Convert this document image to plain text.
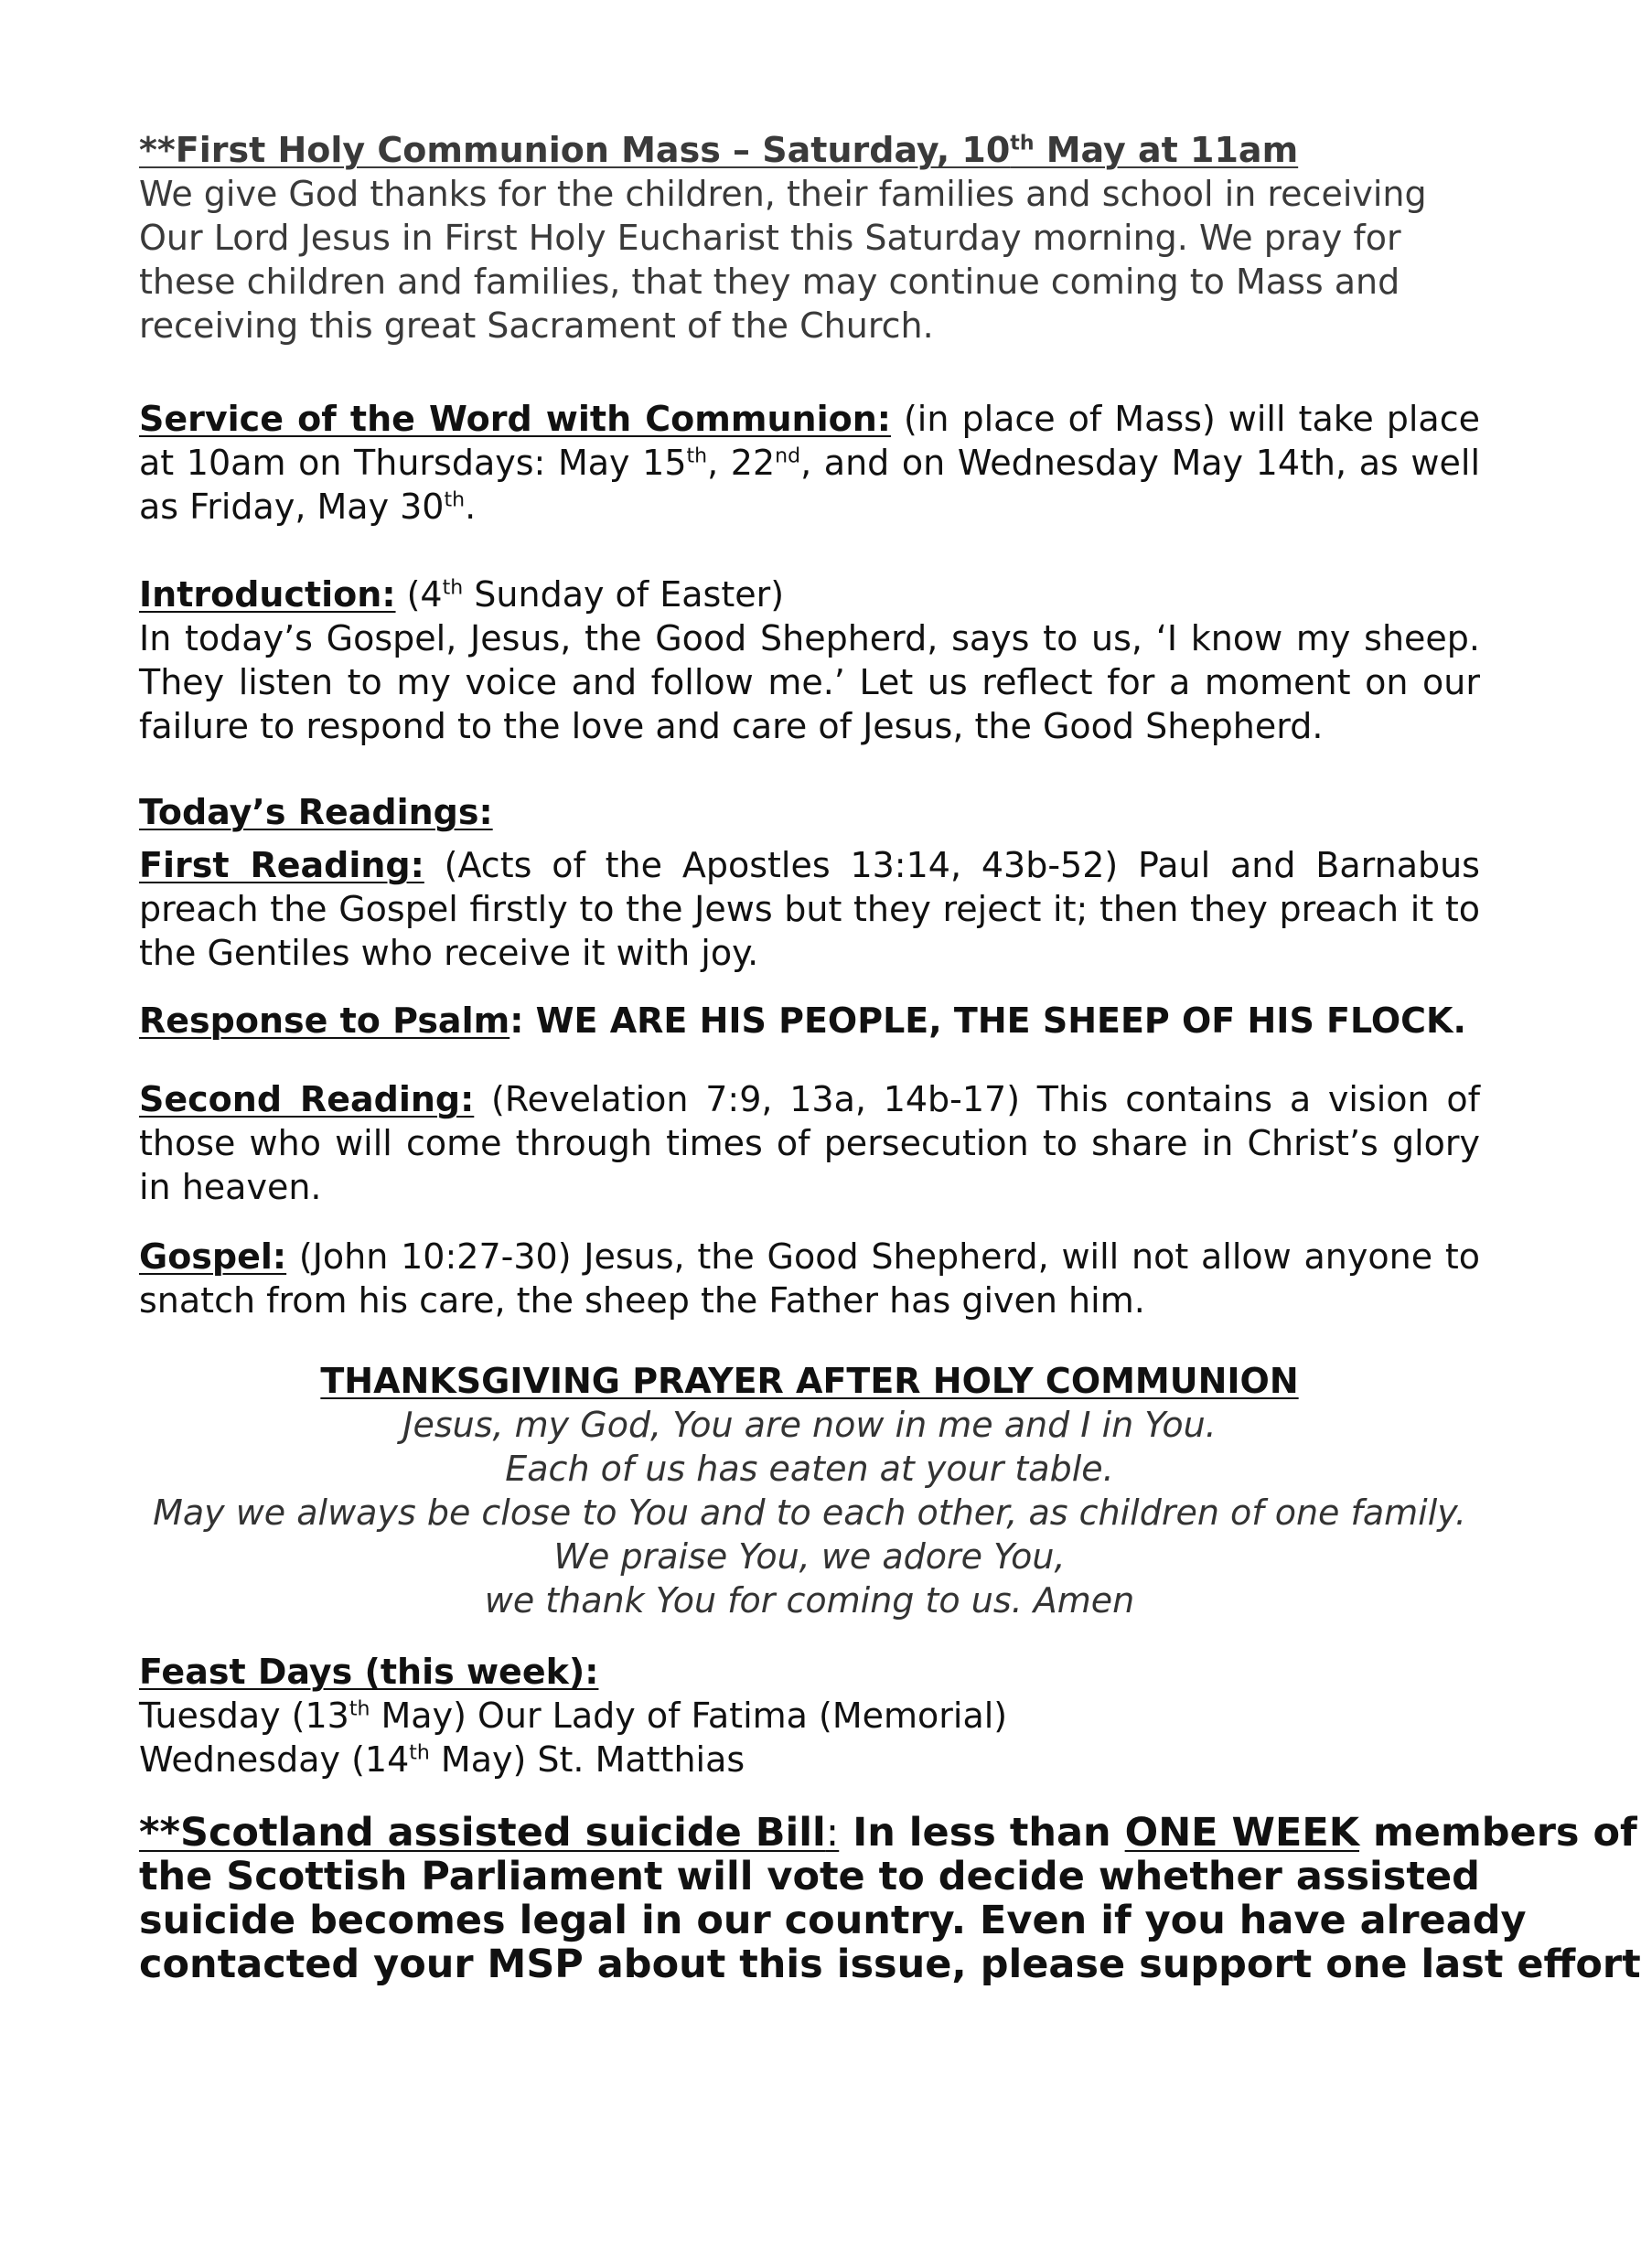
**First Holy Communion Mass – Saturday, 10th May at 11am

We give God thanks for the children, their families and school in receiving

Our Lord Jesus in First Holy Eucharist this Saturday morning. We pray for

these children and families, that they may continue coming to Mass and

receiving this great Sacrament of the Church.

Service of the Word with Communion: (in place of Mass) will take place at 10am on Thursdays: May 15th, 22nd, and on Wednesday May 14th, as well as Friday, May 30th.

Introduction: (4th Sunday of Easter)

In today’s Gospel, Jesus, the Good Shepherd, says to us, ‘I know my sheep. They listen to my voice and follow me.’ Let us reflect for a moment on our failure to respond to the love and care of Jesus, the Good Shepherd.

Today’s Readings:

First Reading: (Acts of the Apostles 13:14, 43b-52) Paul and Barnabus preach the Gospel firstly to the Jews but they reject it; then they preach it to the Gentiles who receive it with joy.

Response to Psalm: WE ARE HIS PEOPLE, THE SHEEP OF HIS FLOCK.

Second Reading: (Revelation 7:9, 13a, 14b-17) This contains a vision of those who will come through times of persecution to share in Christ’s glory in heaven.

Gospel: (John 10:27-30) Jesus, the Good Shepherd, will not allow anyone to snatch from his care, the sheep the Father has given him.

THANKSGIVING PRAYER AFTER HOLY COMMUNION

Jesus, my God, You are now in me and I in You.

Each of us has eaten at your table.

May we always be close to You and to each other, as children of one family.

We praise You, we adore You,

we thank You for coming to us. Amen

Feast Days (this week):

Tuesday (13th May) Our Lady of Fatima (Memorial)

Wednesday (14th May) St. Matthias

**Scotland assisted suicide Bill: In less than ONE WEEK members of

the Scottish Parliament will vote to decide whether assisted

suicide becomes legal in our country. Even if you have already

contacted your MSP about this issue, please support one last effort
